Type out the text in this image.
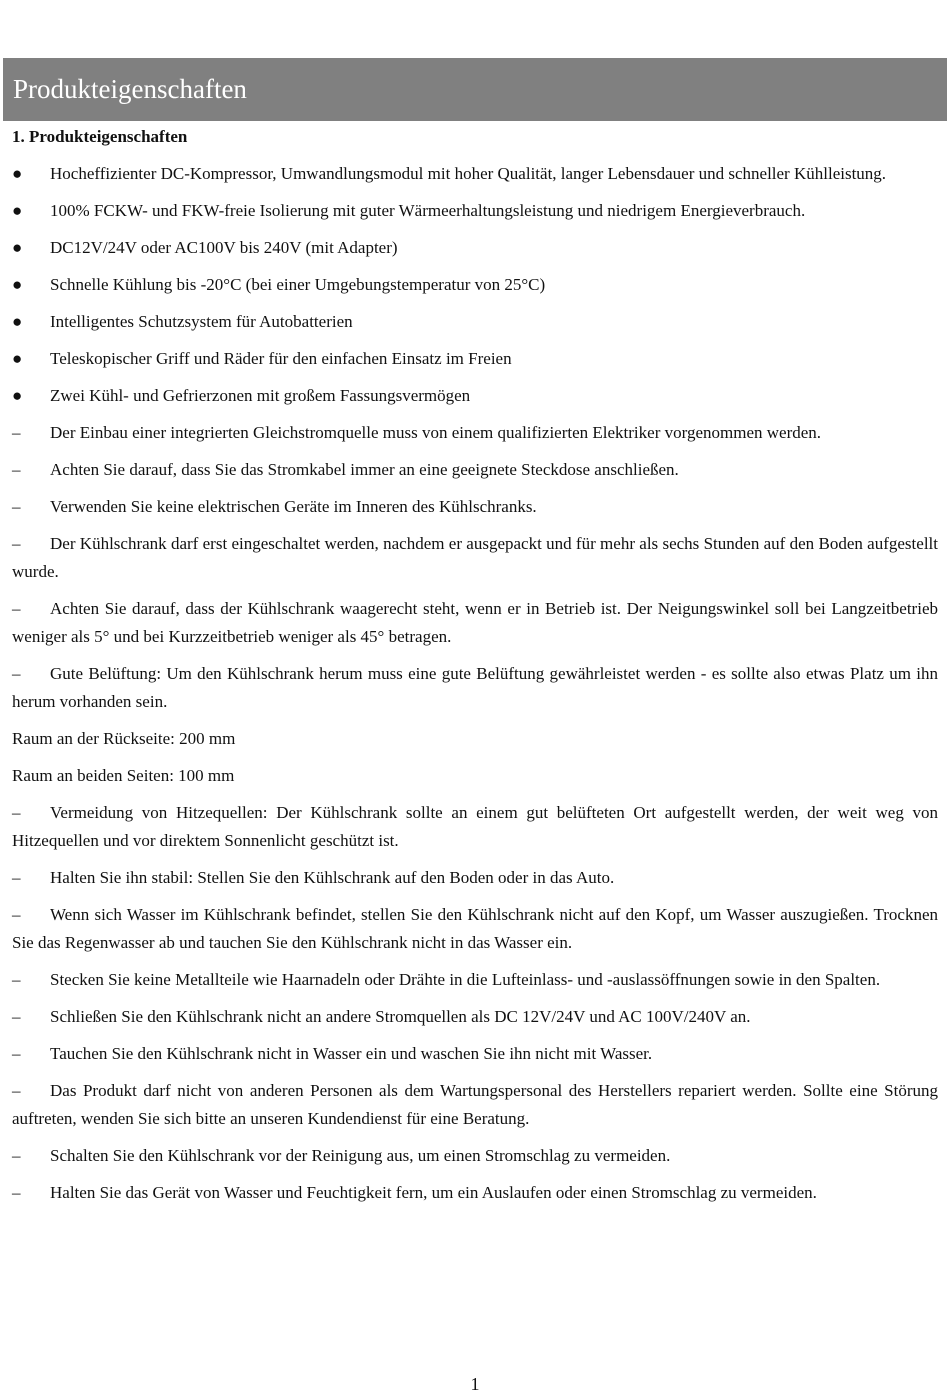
Produkteigenschaften

1. Produkteigenschaften

● Hocheffizienter DC-Kompressor, Umwandlungsmodul mit hoher Qualität, langer Lebensdauer und schneller Kühlleistung.
● 100% FCKW- und FKW-freie Isolierung mit guter Wärmeerhaltungsleistung und niedrigem Energieverbrauch.
● DC12V/24V oder AC100V bis 240V (mit Adapter)
● Schnelle Kühlung bis -20°C (bei einer Umgebungstemperatur von 25°C)
● Intelligentes Schutzsystem für Autobatterien
● Teleskopischer Griff und Räder für den einfachen Einsatz im Freien
● Zwei Kühl- und Gefrierzonen mit großem Fassungsvermögen
– Der Einbau einer integrierten Gleichstromquelle muss von einem qualifizierten Elektriker vorgenommen werden.
– Achten Sie darauf, dass Sie das Stromkabel immer an eine geeignete Steckdose anschließen.
– Verwenden Sie keine elektrischen Geräte im Inneren des Kühlschranks.
– Der Kühlschrank darf erst eingeschaltet werden, nachdem er ausgepackt und für mehr als sechs Stunden auf den Boden aufgestellt wurde.
– Achten Sie darauf, dass der Kühlschrank waagerecht steht, wenn er in Betrieb ist. Der Neigungswinkel soll bei Langzeitbetrieb weniger als 5° und bei Kurzzeitbetrieb weniger als 45° betragen.
– Gute Belüftung: Um den Kühlschrank herum muss eine gute Belüftung gewährleistet werden - es sollte also etwas Platz um ihn herum vorhanden sein.
Raum an der Rückseite: 200 mm
Raum an beiden Seiten: 100 mm
– Vermeidung von Hitzequellen: Der Kühlschrank sollte an einem gut belüfteten Ort aufgestellt werden, der weit weg von Hitzequellen und vor direktem Sonnenlicht geschützt ist.
– Halten Sie ihn stabil: Stellen Sie den Kühlschrank auf den Boden oder in das Auto.
– Wenn sich Wasser im Kühlschrank befindet, stellen Sie den Kühlschrank nicht auf den Kopf, um Wasser auszugießen. Trocknen Sie das Regenwasser ab und tauchen Sie den Kühlschrank nicht in das Wasser ein.
– Stecken Sie keine Metallteile wie Haarnadeln oder Drähte in die Lufteinlass- und -auslassöffnungen sowie in den Spalten.
– Schließen Sie den Kühlschrank nicht an andere Stromquellen als DC 12V/24V und AC 100V/240V an.
– Tauchen Sie den Kühlschrank nicht in Wasser ein und waschen Sie ihn nicht mit Wasser.
– Das Produkt darf nicht von anderen Personen als dem Wartungspersonal des Herstellers repariert werden. Sollte eine Störung auftreten, wenden Sie sich bitte an unseren Kundendienst für eine Beratung.
– Schalten Sie den Kühlschrank vor der Reinigung aus, um einen Stromschlag zu vermeiden.
– Halten Sie das Gerät von Wasser und Feuchtigkeit fern, um ein Auslaufen oder einen Stromschlag zu vermeiden.
1
